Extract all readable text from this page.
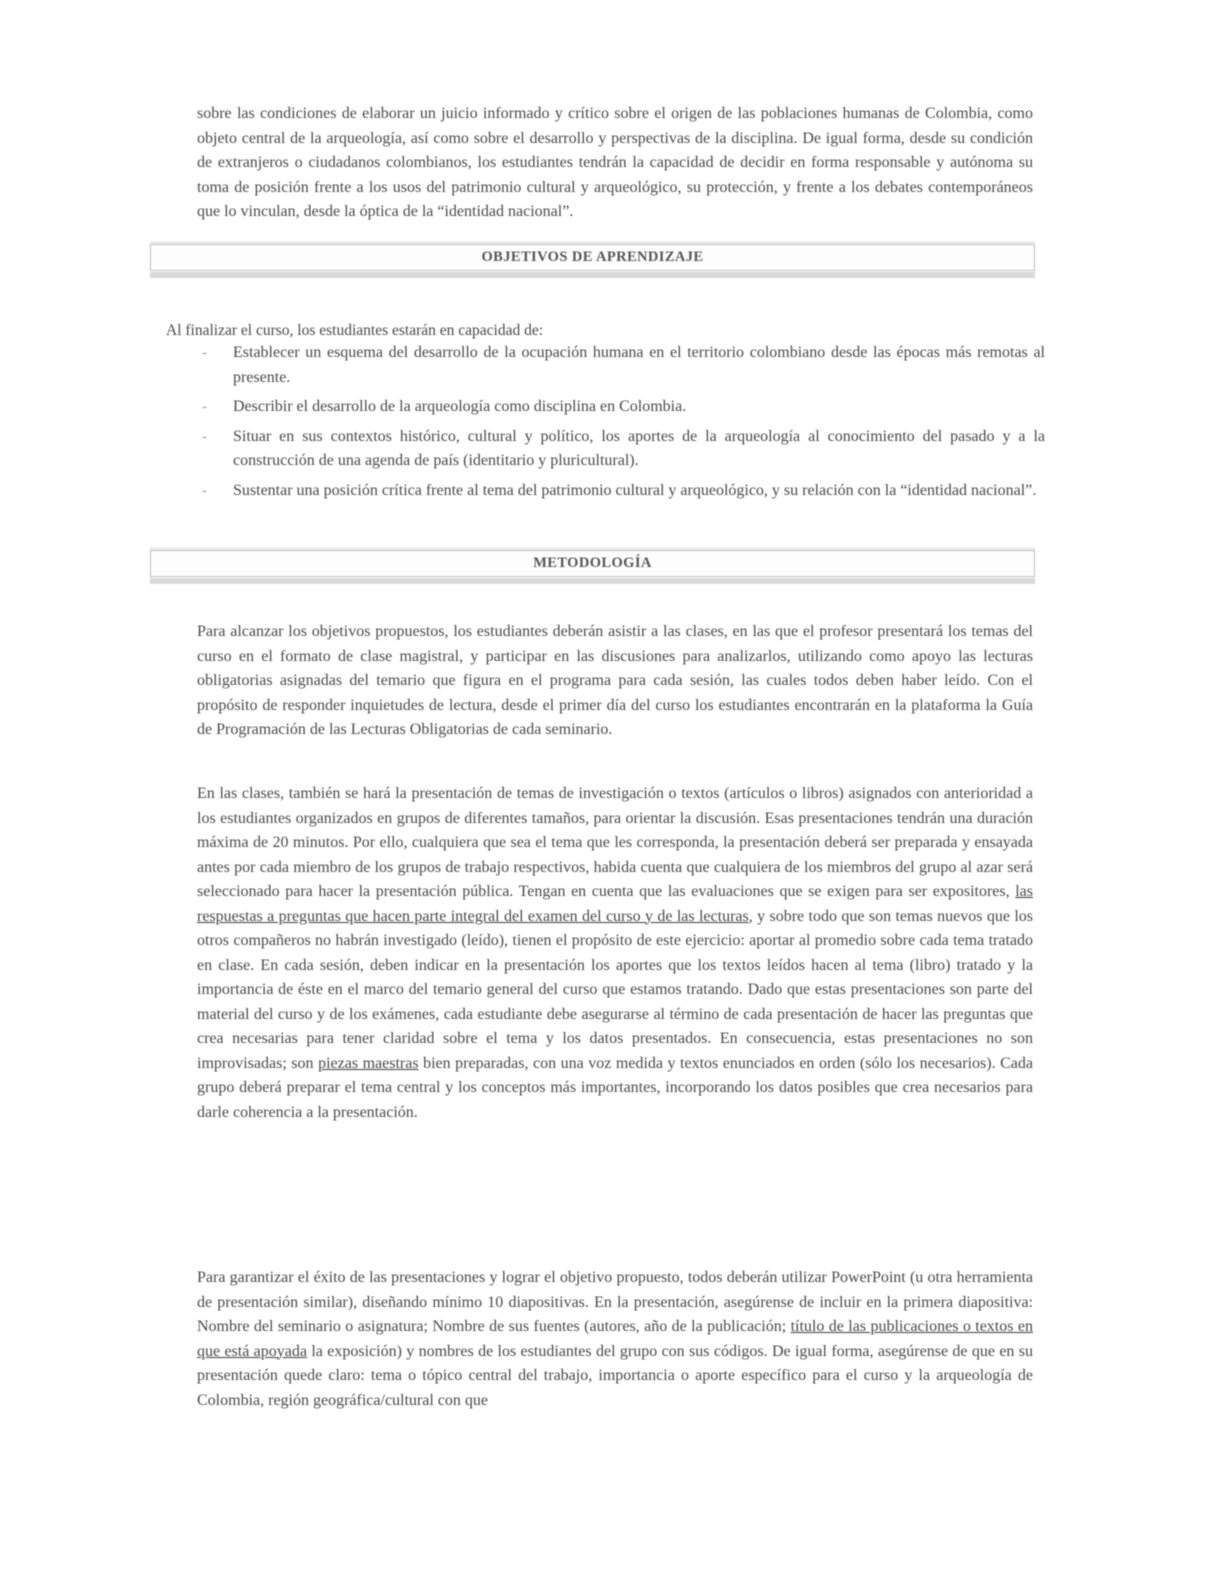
sobre las condiciones de elaborar un juicio informado y crítico sobre el origen de las poblaciones humanas de Colombia, como objeto central de la arqueología, así como sobre el desarrollo y perspectivas de la disciplina. De igual forma, desde su condición de extranjeros o ciudadanos colombianos, los estudiantes tendrán la capacidad de decidir en forma responsable y autónoma su toma de posición frente a los usos del patrimonio cultural y arqueológico, su protección, y frente a los debates contemporáneos que lo vinculan, desde la óptica de la “identidad nacional”.

OBJETIVOS DE APRENDIZAJE

Al finalizar el curso, los estudiantes estarán en capacidad de:

- Establecer un esquema del desarrollo de la ocupación humana en el territorio colombiano desde las épocas más remotas al presente.
- Describir el desarrollo de la arqueología como disciplina en Colombia.
- Situar en sus contextos histórico, cultural y político, los aportes de la arqueología al conocimiento del pasado y a la construcción de una agenda de país (identitario y pluricultural).
- Sustentar una posición crítica frente al tema del patrimonio cultural y arqueológico, y su relación con la “identidad nacional”.
METODOLOGÍA

Para alcanzar los objetivos propuestos, los estudiantes deberán asistir a las clases, en las que el profesor presentará los temas del curso en el formato de clase magistral, y participar en las discusiones para analizarlos, utilizando como apoyo las lecturas obligatorias asignadas del temario que figura en el programa para cada sesión, las cuales todos deben haber leído. Con el propósito de responder inquietudes de lectura, desde el primer día del curso los estudiantes encontrarán en la plataforma la Guía de Programación de las Lecturas Obligatorias de cada seminario.

En las clases, también se hará la presentación de temas de investigación o textos (artículos o libros) asignados con anterioridad a los estudiantes organizados en grupos de diferentes tamaños, para orientar la discusión. Esas presentaciones tendrán una duración máxima de 20 minutos. Por ello, cualquiera que sea el tema que les corresponda, la presentación deberá ser preparada y ensayada antes por cada miembro de los grupos de trabajo respectivos, habida cuenta que cualquiera de los miembros del grupo al azar será seleccionado para hacer la presentación pública. Tengan en cuenta que las evaluaciones que se exigen para ser expositores, las respuestas a preguntas que hacen parte integral del examen del curso y de las lecturas, y sobre todo que son temas nuevos que los otros compañeros no habrán investigado (leído), tienen el propósito de este ejercicio: aportar al promedio sobre cada tema tratado en clase. En cada sesión, deben indicar en la presentación los aportes que los textos leídos hacen al tema (libro) tratado y la importancia de éste en el marco del temario general del curso que estamos tratando. Dado que estas presentaciones son parte del material del curso y de los exámenes, cada estudiante debe asegurarse al término de cada presentación de hacer las preguntas que crea necesarias para tener claridad sobre el tema y los datos presentados. En consecuencia, estas presentaciones no son improvisadas; son piezas maestras bien preparadas, con una voz medida y textos enunciados en orden (sólo los necesarios). Cada grupo deberá preparar el tema central y los conceptos más importantes, incorporando los datos posibles que crea necesarios para darle coherencia a la presentación.

Para garantizar el éxito de las presentaciones y lograr el objetivo propuesto, todos deberán utilizar PowerPoint (u otra herramienta de presentación similar), diseñando mínimo 10 diapositivas. En la presentación, asegúrense de incluir en la primera diapositiva: Nombre del seminario o asignatura; Nombre de sus fuentes (autores, año de la publicación; título de las publicaciones o textos en que está apoyada la exposición) y nombres de los estudiantes del grupo con sus códigos. De igual forma, asegúrense de que en su presentación quede claro: tema o tópico central del trabajo, importancia o aporte específico para el curso y la arqueología de Colombia, región geográfica/cultural con que
